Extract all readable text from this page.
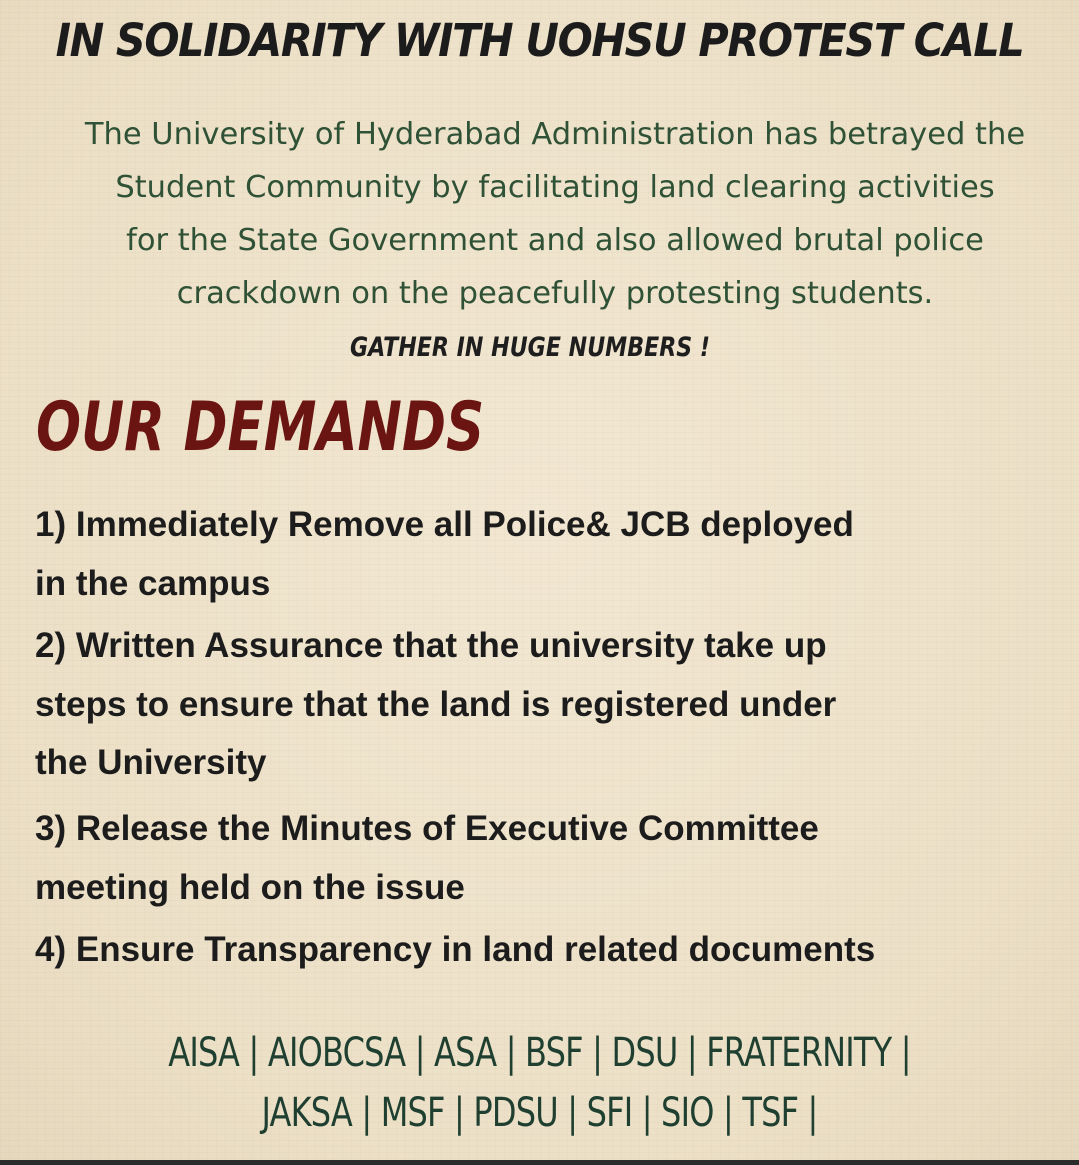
IN SOLIDARITY WITH UOHSU PROTEST CALL
The University of Hyderabad Administration has betrayed the
Student Community by facilitating land clearing activities
for the State Government and also allowed brutal police
crackdown on the peacefully protesting students.
GATHER IN HUGE NUMBERS !
OUR DEMANDS
1) Immediately Remove all Police& JCB deployed
in the campus
2) Written Assurance that the university take up
steps to ensure that the land is registered under
the University
3) Release the Minutes of Executive Committee
meeting held on the issue
4) Ensure Transparency in land related documents
AISA | AIOBCSA | ASA | BSF | DSU | FRATERNITY |
JAKSA | MSF | PDSU | SFI | SIO | TSF |
